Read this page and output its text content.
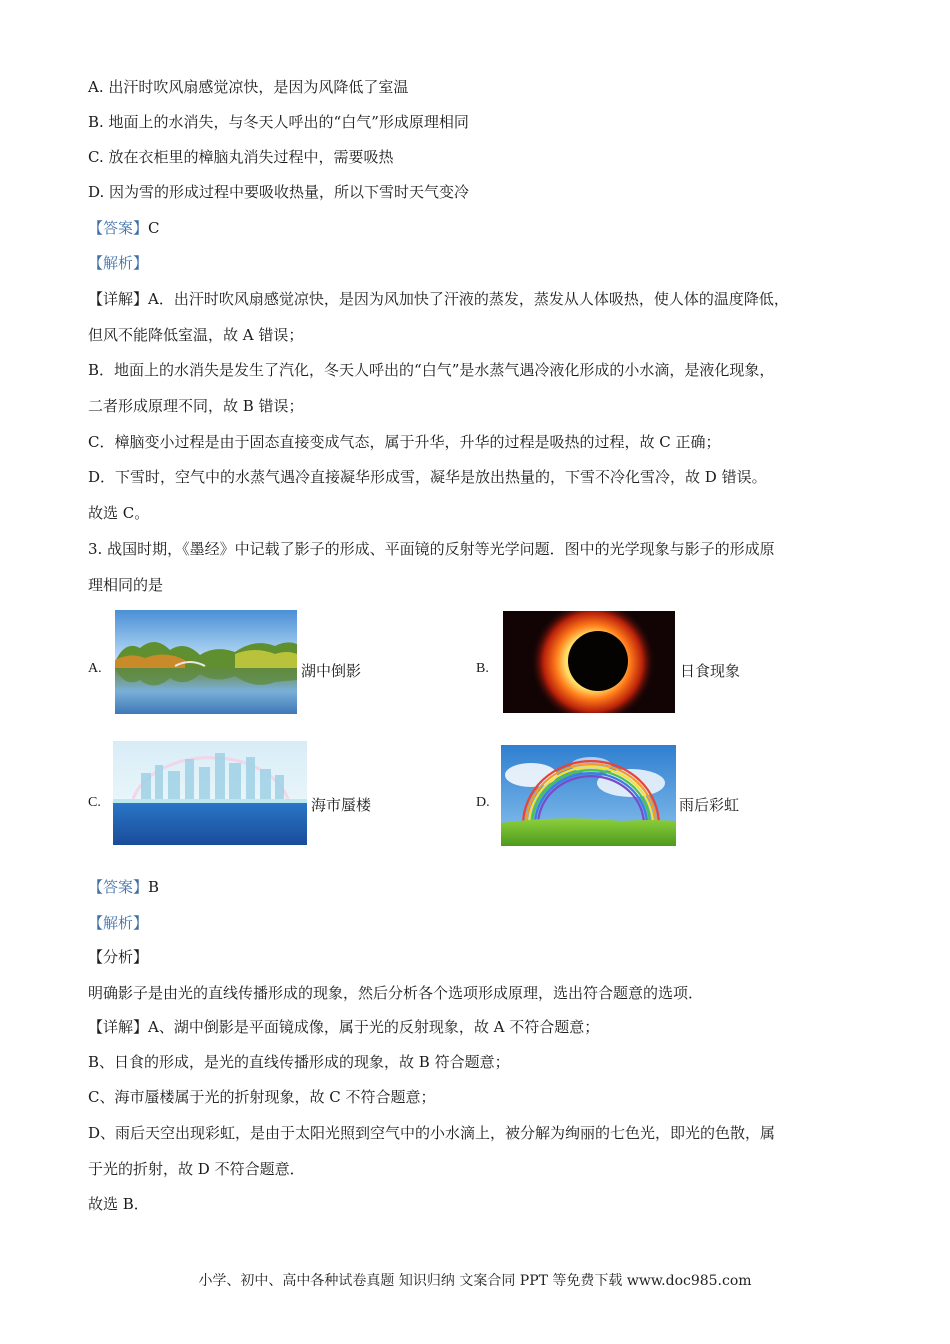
A. 出汗时吹风扇感觉凉快，是因为风降低了室温
B. 地面上的水消失，与冬天人呼出的“白气”形成原理相同
C. 放在衣柜里的樟脑丸消失过程中，需要吸热
D. 因为雪的形成过程中要吸收热量，所以下雪时天气变冷
【答案】C
【解析】
【详解】A．出汗时吹风扇感觉凉快，是因为风加快了汗液的蒸发，蒸发从人体吸热，使人体的温度降低，
但风不能降低室温，故 A 错误；
B．地面上的水消失是发生了汽化，冬天人呼出的“白气”是水蒸气遇冷液化形成的小水滴，是液化现象，
二者形成原理不同，故 B 错误；
C．樟脑变小过程是由于固态直接变成气态，属于升华，升华的过程是吸热的过程，故 C 正确；
D．下雪时，空气中的水蒸气遇冷直接凝华形成雪，凝华是放出热量的，下雪不冷化雪冷，故 D 错误。
故选 C。
3. 战国时期，《墨经》中记载了影子的形成、平面镜的反射等光学问题．图中的光学现象与影子的形成原
理相同的是
A.	湖中倒影	B.	日食现象
C.	海市蜃楼	D.	雨后彩虹
【答案】B
【解析】
【分析】
明确影子是由光的直线传播形成的现象，然后分析各个选项形成原理，选出符合题意的选项．
【详解】A、湖中倒影是平面镜成像，属于光的反射现象，故 A 不符合题意；
B、日食的形成，是光的直线传播形成的现象，故 B 符合题意；
C、海市蜃楼属于光的折射现象，故 C 不符合题意；
D、雨后天空出现彩虹，是由于太阳光照到空气中的小水滴上，被分解为绚丽的七色光，即光的色散，属
于光的折射，故 D 不符合题意．
故选 B．
小学、初中、高中各种试卷真题 知识归纳 文案合同 PPT 等免费下载 www.doc985.com
